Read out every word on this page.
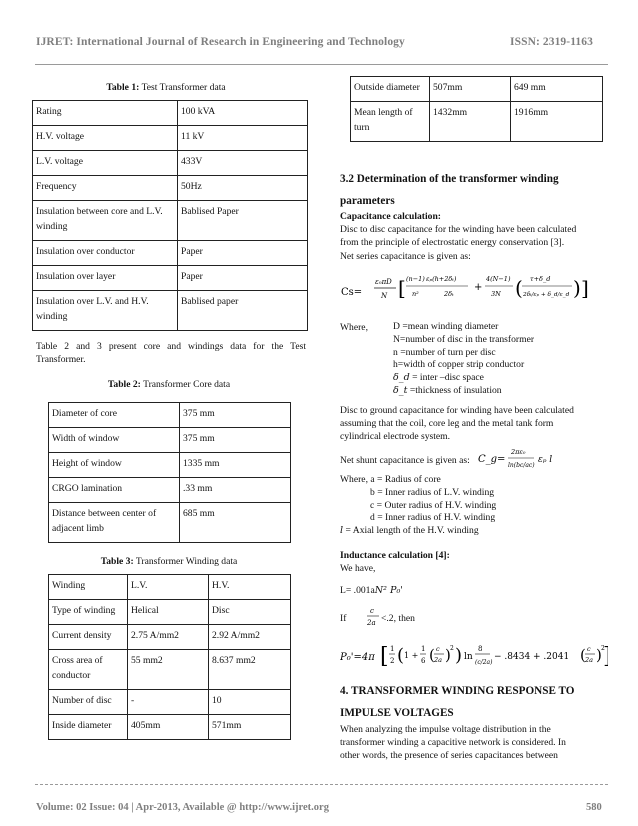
IJRET: International Journal of Research in Engineering and Technology	ISSN: 2319-1163
Table 1: Test Transformer data
Rating	100 kVA
H.V. voltage	11 kV
L.V. voltage	433V
Frequency	50Hz
Insulation between core and L.V. winding	Bablised Paper
Insulation over conductor	Paper
Insulation over layer	Paper
Insulation over L.V. and H.V. winding	Bablised paper
Table 2 and 3 present core and windings data for the Test Transformer.
Table 2: Transformer Core data
Diameter of core	375 mm
Width of window	375 mm
Height of window	1335 mm
CRGO lamination	.33 mm
Distance between center of adjacent limb	685 mm
Table 3: Transformer Winding data
Winding	L.V.	H.V.
Type of winding	Helical	Disc
Current density	2.75 A/mm2	2.92 A/mm2
Cross area of conductor	55 mm2	8.637 mm2
Number of disc	-	10
Inside diameter	405mm	571mm
Outside diameter	507mm	649 mm
Mean length of turn	1432mm	1916mm
3.2 Determination of the transformer winding
parameters
Capacitance calculation:
Disc to disc capacitance for the winding have been calculated
from the principle of electrostatic energy conservation [3].
Net series capacitance is given as:
Cs=
ε₀πD
N [ (n−1) εₚ(h+2δₜ)
n²	2δₜ
+
4(N−1)
3N ( τ+δ_d
2δₜ/εₚ + δ_d/ε_d ) ]
Where,	D =mean winding diameter
N=number of disc in the transformer
n =number of turn per disc
h=width of copper strip conductor
δ_d = inter –disc space
δ_t =thickness of insulation
Disc to ground capacitance for winding have been calculated
assuming that the coil, core leg and the metal tank form
cylindrical electrode system.
Net shunt capacitance is given as: C_g=
2πε₀
ln(bc/ac)
εₚ l
Where, a = Radius of core
b = Inner radius of L.V. winding
c = Outer radius of H.V. winding
d = Inner radius of H.V. winding
l = Axial length of the H.V. winding
Inductance calculation [4]:
We have,
L= .001aN² P₀'
If
c
2a <.2, then
P₀'=4π [ 1
2 ( 1 +
1
6 ( c
2a ) 2 ) ln
8
(c/2a)
− .8434 + .2041 ( c
2a ) 2
4. TRANSFORMER WINDING RESPONSE TO
IMPULSE VOLTAGES
When analyzing the impulse voltage distribution in the
transformer winding a capacitive network is considered. In
other words, the presence of series capacitances between
Volume: 02 Issue: 04 | Apr-2013, Available @ http://www.ijret.org	580
